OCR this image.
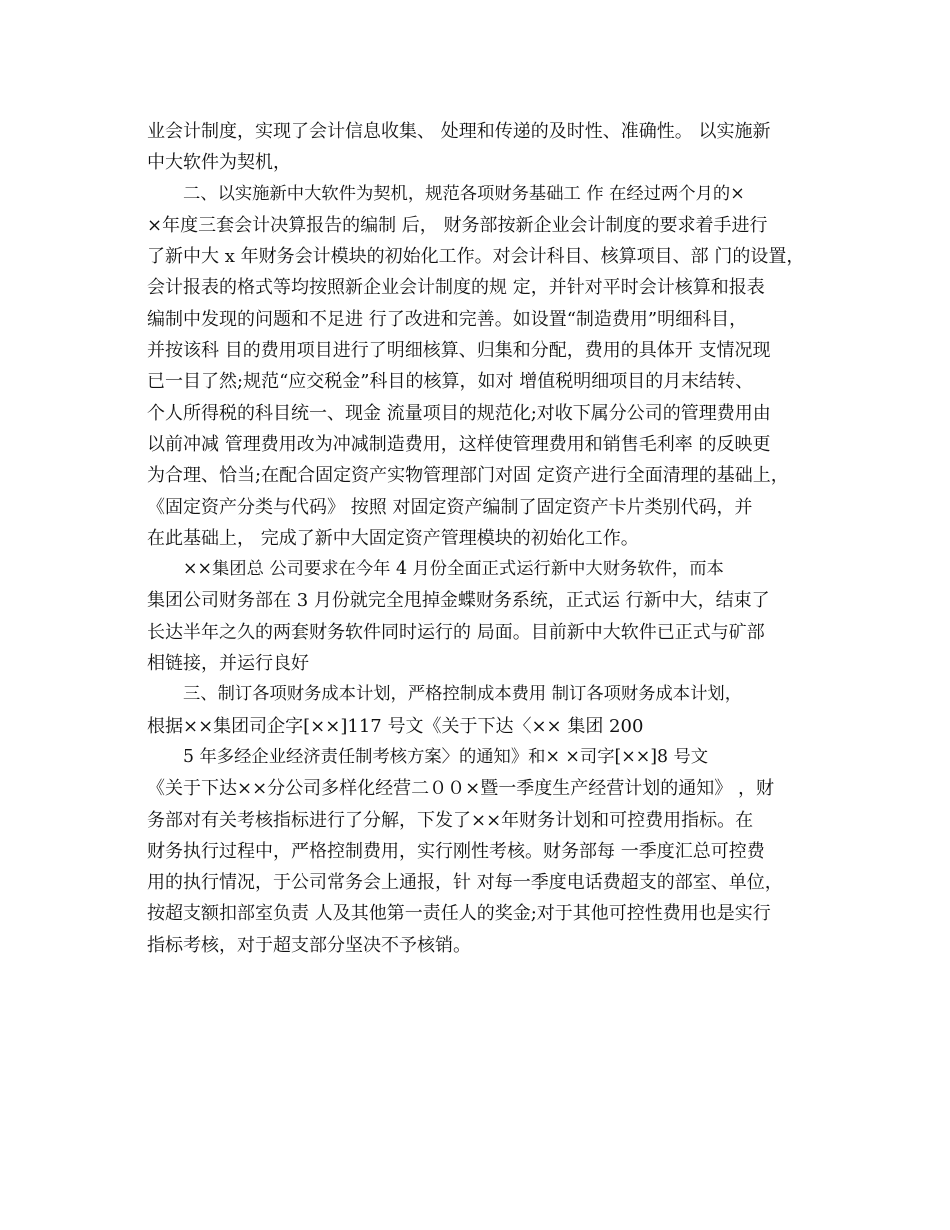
业会计制度，实现了会计信息收集、 处理和传递的及时性、准确性。 以实施新

中大软件为契机，

二、以实施新中大软件为契机，规范各项财务基础工 作 在经过两个月的×

×年度三套会计决算报告的编制 后， 财务部按新企业会计制度的要求着手进行

了新中大 x 年财务会计模块的初始化工作。对会计科目、核算项目、部 门的设置，

会计报表的格式等均按照新企业会计制度的规 定，并针对平时会计核算和报表

编制中发现的问题和不足进 行了改进和完善。如设置“制造费用”明细科目，

并按该科 目的费用项目进行了明细核算、归集和分配，费用的具体开 支情况现

已一目了然;规范“应交税金”科目的核算，如对 增值税明细项目的月末结转、

个人所得税的科目统一、现金 流量项目的规范化;对收下属分公司的管理费用由

以前冲减 管理费用改为冲减制造费用，这样使管理费用和销售毛利率 的反映更

为合理、恰当;在配合固定资产实物管理部门对固 定资产进行全面清理的基础上，

《固定资产分类与代码》 按照 对固定资产编制了固定资产卡片类别代码，并

在此基础上， 完成了新中大固定资产管理模块的初始化工作。

××集团总 公司要求在今年 4 月份全面正式运行新中大财务软件，而本

集团公司财务部在 3 月份就完全甩掉金蝶财务系统，正式运 行新中大，结束了

长达半年之久的两套财务软件同时运行的 局面。目前新中大软件已正式与矿部

相链接，并运行良好

三、制订各项财务成本计划，严格控制成本费用 制订各项财务成本计划，

根据××集团司企字[××]117 号文《关于下达〈×× 集团 200

5 年多经企业经济责任制考核方案〉的通知》和× ×司字[××]8 号文

《关于下达××分公司多样化经营二００×暨一季度生产经营计划的通知》 ，财

务部对有关考核指标进行了分解，下发了××年财务计划和可控费用指标。在

财务执行过程中，严格控制费用，实行刚性考核。财务部每 一季度汇总可控费

用的执行情况，于公司常务会上通报，针 对每一季度电话费超支的部室、单位，

按超支额扣部室负责 人及其他第一责任人的奖金;对于其他可控性费用也是实行

指标考核，对于超支部分坚决不予核销。
